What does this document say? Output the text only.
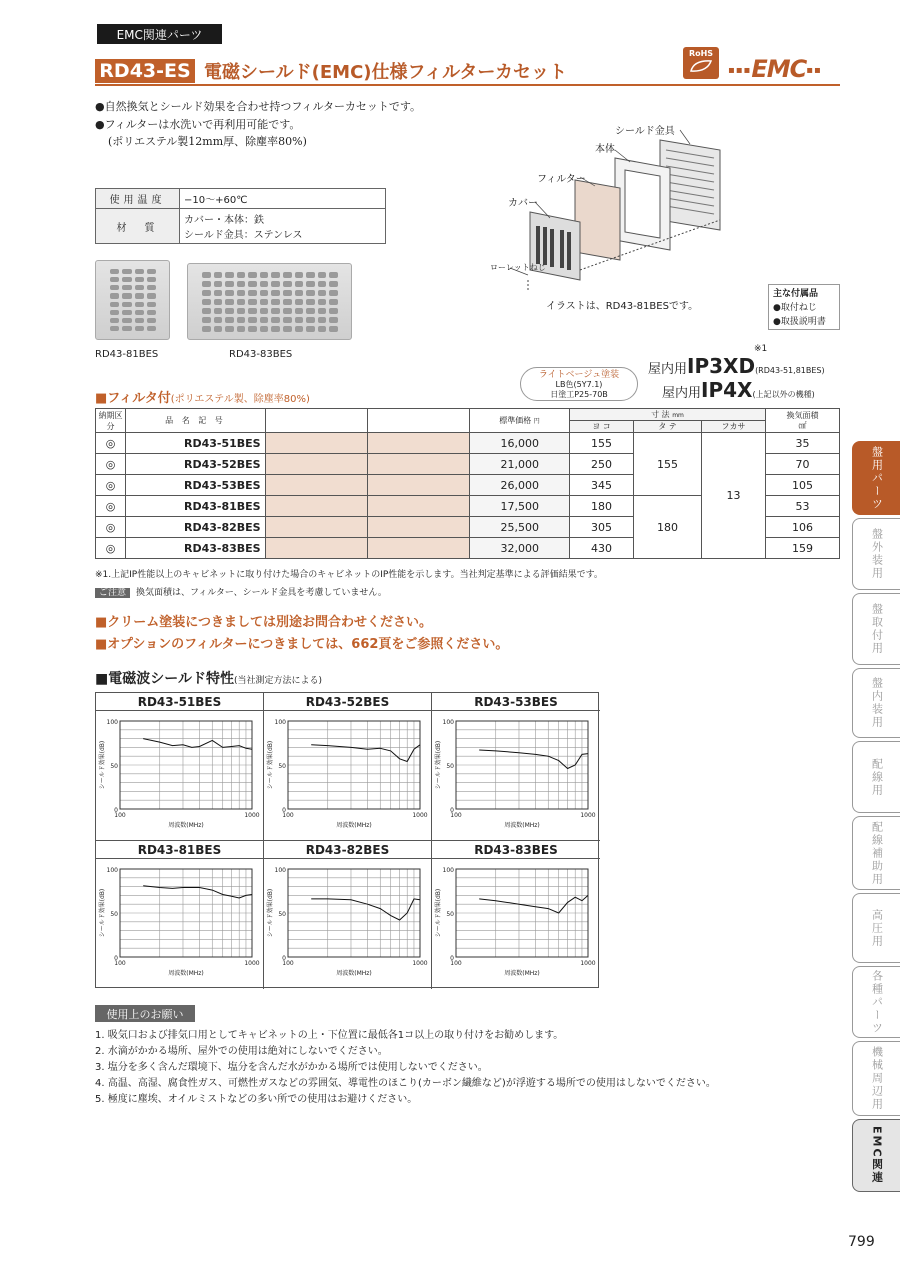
EMC関連パーツ
RD43-ES 電磁シールド(EMC)仕様フィルターカセット
RoHS
▪▪▪EMC▪▪
●自然換気とシールド効果を合わせ持つフィルターカセットです。
●フィルターは水洗いで再利用可能です。
(ポリエステル製12mm厚、除塵率80%)
使用温度	−10〜+60℃
材　質	カバー・本体：鉄
シールド金具：ステンレス
シールド金具
本体
フィルター
カバー
ローレットねじ
イラストは、RD43-81BESです。
主な付属品
●取付ねじ
●取扱説明書
RD43-81BES	RD43-83BES
ライトベージュ塗装
LB色(5Y7.1)
日塗工P25-70B
※1
屋内用IP3XD(RD43-51,81BES)
屋内用IP4X(上記以外の機種)
■フィルタ付(ポリエステル製、除塵率80%)
納期区分	品 名 記 号			標準価格 円	寸 法 mm			換気面積
㎠

					ヨ コ	タ テ	フカサ	
◎	RD43-51BES			16,000	155	155	13	35
◎	RD43-52BES			21,000	250			70
◎	RD43-53BES			26,000	345			105
◎	RD43-81BES			17,500	180	180		53
◎	RD43-82BES			25,500	305			106
◎	RD43-83BES			32,000	430			159
※1.上記IP性能以上のキャビネットに取り付けた場合のキャビネットのIP性能を示します。当社判定基準による評価結果です。
ご注意 換気面積は、フィルター、シールド金具を考慮していません。
■クリーム塗装につきましては別途お問合わせください。
■オプションのフィルターにつきましては、662頁をご参照ください。
■電磁波シールド特性(当社測定方法による)
RD43-51BES
0
50
100
100	1000
周波数(MHz)
シールド効果(dB)
RD43-52BES
0
50
100
100	1000
周波数(MHz)
シールド効果(dB)
RD43-53BES
0
50
100
100	1000
周波数(MHz)
シールド効果(dB)
RD43-81BES
0
50
100
100	1000
周波数(MHz)
シールド効果(dB)
RD43-82BES
0
50
100
100	1000
周波数(MHz)
シールド効果(dB)
RD43-83BES
0
50
100
100	1000
周波数(MHz)
シールド効果(dB)
使用上のお願い
1. 吸気口および排気口用としてキャビネットの上・下位置に最低各1コ以上の取り付けをお勧めします。
2. 水滴がかかる場所、屋外での使用は絶対にしないでください。
3. 塩分を多く含んだ環境下、塩分を含んだ水がかかる場所では使用しないでください。
4. 高温、高湿、腐食性ガス、可燃性ガスなどの雰囲気、導電性のほこり(カーボン繊維など)が浮遊する場所での使用はしないでください。
5. 極度に塵埃、オイルミストなどの多い所での使用はお避けください。
盤用パーツ
盤外装用
盤取付用
盤内装用
配線用
配線補助用
高圧用
各種パーツ
機械周辺用
EMC関連
799
